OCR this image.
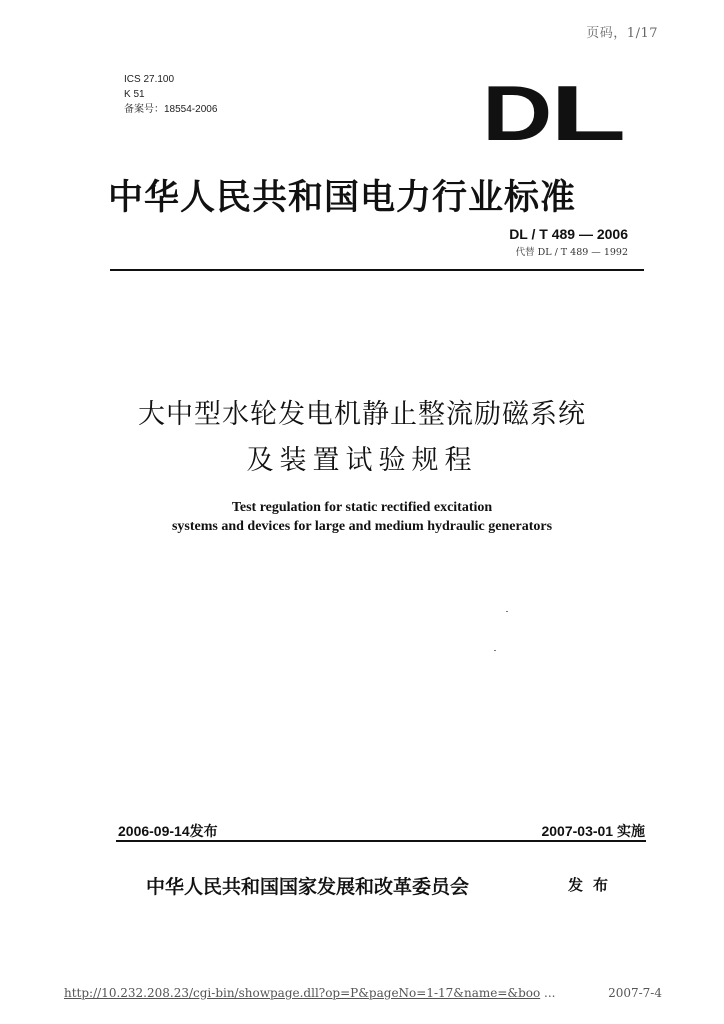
页码，1/17
ICS 27.100
K 51
备案号：18554-2006	D
L
中华人民共和国电力行业标准
DL / T 489 — 2006
代替 DL / T 489 — 1992
大中型水轮发电机静止整流励磁系统
及装置试验规程
Test regulation for static rectified excitation
systems and devices for large and medium hydraulic generators
2006-09-14发布	2007-03-01 实施
中华人民共和国国家发展和改革委员会	发布
http://10.232.208.23/cgi-bin/showpage.dll?op=P&pageNo=1-17&name=&boo ...	2007-7-4
